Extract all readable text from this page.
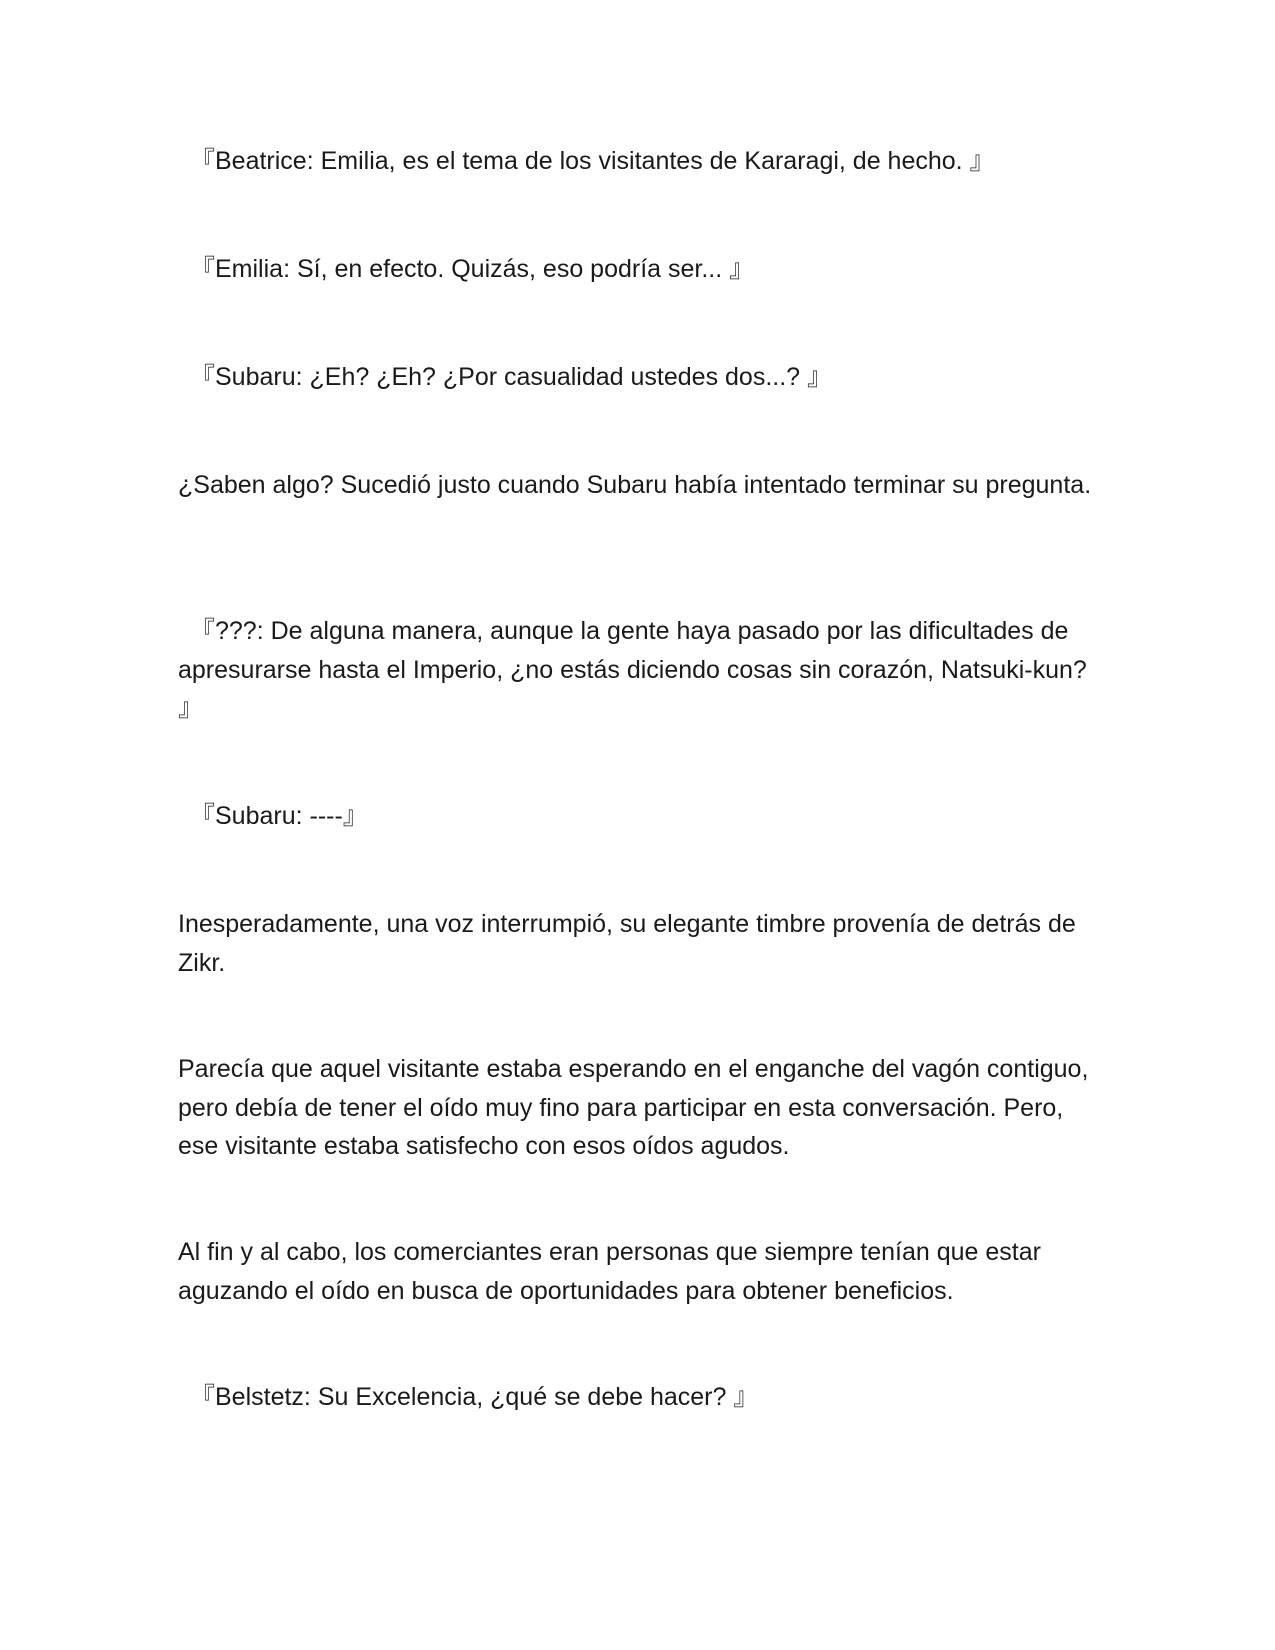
『Beatrice: Emilia, es el tema de los visitantes de Kararagi, de hecho. 』

『Emilia: Sí, en efecto. Quizás, eso podría ser... 』

『Subaru: ¿Eh? ¿Eh? ¿Por casualidad ustedes dos...? 』

¿Saben algo? Sucedió justo cuando Subaru había intentado terminar su pregunta.

『???: De alguna manera, aunque la gente haya pasado por las dificultades de apresurarse hasta el Imperio, ¿no estás diciendo cosas sin corazón, Natsuki-kun? 』

『Subaru: ----』

Inesperadamente, una voz interrumpió, su elegante timbre provenía de detrás de Zikr.

Parecía que aquel visitante estaba esperando en el enganche del vagón contiguo, pero debía de tener el oído muy fino para participar en esta conversación. Pero, ese visitante estaba satisfecho con esos oídos agudos.

Al fin y al cabo, los comerciantes eran personas que siempre tenían que estar aguzando el oído en busca de oportunidades para obtener beneficios.

『Belstetz: Su Excelencia, ¿qué se debe hacer? 』
